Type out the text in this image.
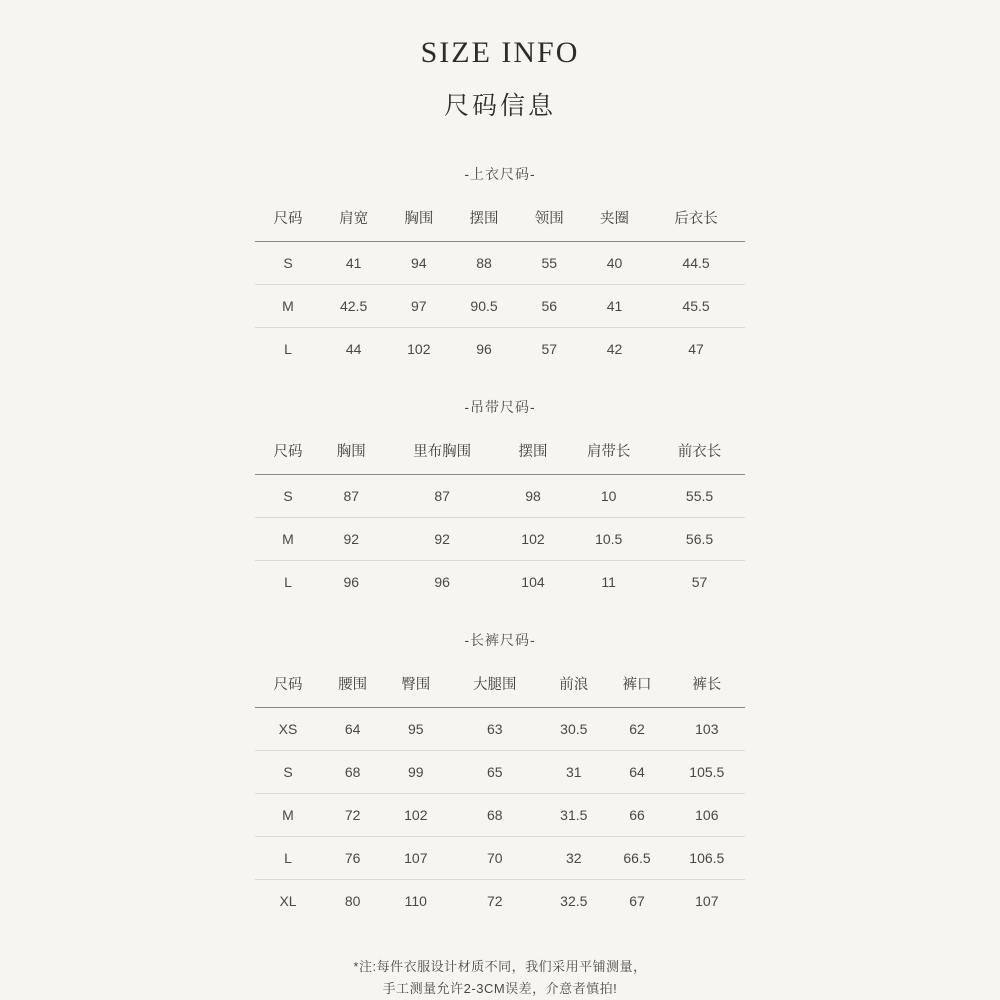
SIZE INFO
尺码信息
-上衣尺码-
尺码	肩宽	胸围	摆围	领围	夹圈	后衣长
S	41	94	88	55	40	44.5
M	42.5	97	90.5	56	41	45.5
L	44	102	96	57	42	47
-吊带尺码-
尺码	胸围	里布胸围	摆围	肩带长	前衣长
S	87	87	98	10	55.5
M	92	92	102	10.5	56.5
L	96	96	104	11	57
-长裤尺码-
尺码	腰围	臀围	大腿围	前浪	裤口	裤长
XS	64	95	63	30.5	62	103
S	68	99	65	31	64	105.5
M	72	102	68	31.5	66	106
L	76	107	70	32	66.5	106.5
XL	80	110	72	32.5	67	107
*注:每件衣服设计材质不同，我们采用平铺测量，
手工测量允许2-3CM误差，介意者慎拍!
